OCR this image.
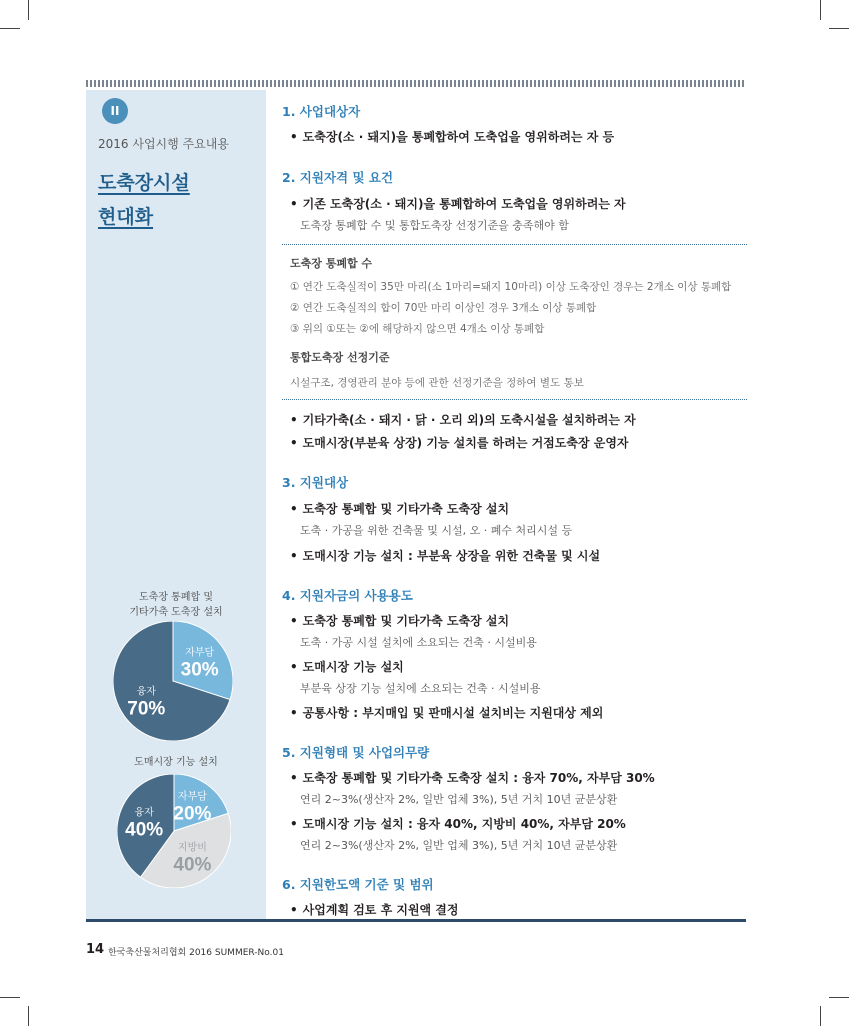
II
2016 사업시행 주요내용
도축장시설
현대화
도축장 통폐합 및
기타가축 도축장 설치
자부담
30%
융자
70%
도매시장 기능 설치
자부담
20%
지방비
40%
융자
40%
1. 사업대상자
• 도축장(소 · 돼지)을 통폐합하여 도축업을 영위하려는 자 등
2. 지원자격 및 요건
• 기존 도축장(소 · 돼지)을 통폐합하여 도축업을 영위하려는 자
도축장 통폐합 수 및 통합도축장 선정기준을 충족해야 함
도축장 통폐합 수
① 연간 도축실적이 35만 마리(소 1마리=돼지 10마리) 이상 도축장인 경우는 2개소 이상 통폐합
② 연간 도축실적의 합이 70만 마리 이상인 경우 3개소 이상 통폐합
③ 위의 ①또는 ②에 해당하지 않으면 4개소 이상 통폐합
통합도축장 선정기준
시설구조, 경영관리 분야 등에 관한 선정기준을 정하여 별도 통보
• 기타가축(소 · 돼지 · 닭 · 오리 외)의 도축시설을 설치하려는 자
• 도매시장(부분육 상장) 기능 설치를 하려는 거점도축장 운영자
3. 지원대상
• 도축장 통폐합 및 기타가축 도축장 설치
도축 · 가공을 위한 건축물 및 시설, 오 · 폐수 처리시설 등
• 도매시장 기능 설치 : 부분육 상장을 위한 건축물 및 시설
4. 지원자금의 사용용도
• 도축장 통폐합 및 기타가축 도축장 설치
도축 · 가공 시설 설치에 소요되는 건축 · 시설비용
• 도매시장 기능 설치
부분육 상장 기능 설치에 소요되는 건축 · 시설비용
• 공통사항 : 부지매입 및 판매시설 설치비는 지원대상 제외
5. 지원형태 및 사업의무량
• 도축장 통폐합 및 기타가축 도축장 설치 : 융자 70%, 자부담 30%
연리 2~3%(생산자 2%, 일반 업체 3%), 5년 거치 10년 균분상환
• 도매시장 기능 설치 : 융자 40%, 지방비 40%, 자부담 20%
연리 2~3%(생산자 2%, 일반 업체 3%), 5년 거치 10년 균분상환
6. 지원한도액 기준 및 범위
• 사업계획 검토 후 지원액 결정
14 한국축산물처리협회 2016 SUMMER-No.01
